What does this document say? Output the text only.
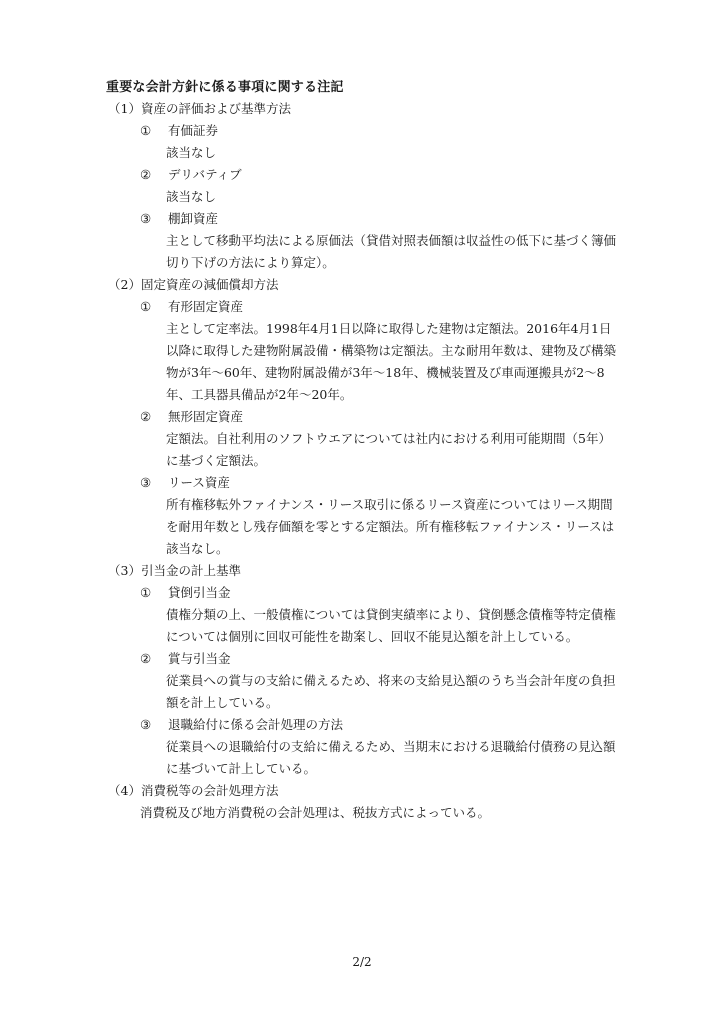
重要な会計方針に係る事項に関する注記
（1）資産の評価および基準方法
① 有価証券
該当なし
② デリバティブ
該当なし
③ 棚卸資産
主として移動平均法による原価法（貸借対照表価額は収益性の低下に基づく簿価切り下げの方法により算定）。
（2）固定資産の減価償却方法
① 有形固定資産
主として定率法。1998年4月1日以降に取得した建物は定額法。2016年4月1日以降に取得した建物附属設備・構築物は定額法。主な耐用年数は、建物及び構築物が3年〜60年、建物附属設備が3年〜18年、機械装置及び車両運搬具が2〜8年、工具器具備品が2年〜20年。
② 無形固定資産
定額法。自社利用のソフトウエアについては社内における利用可能期間（5年）に基づく定額法。
③ リース資産
所有権移転外ファイナンス・リース取引に係るリース資産についてはリース期間を耐用年数とし残存価額を零とする定額法。所有権移転ファイナンス・リースは該当なし。
（3）引当金の計上基準
① 貸倒引当金
債権分類の上、一般債権については貸倒実績率により、貸倒懸念債権等特定債権については個別に回収可能性を勘案し、回収不能見込額を計上している。
② 賞与引当金
従業員への賞与の支給に備えるため、将来の支給見込額のうち当会計年度の負担額を計上している。
③ 退職給付に係る会計処理の方法
従業員への退職給付の支給に備えるため、当期末における退職給付債務の見込額に基づいて計上している。
（4）消費税等の会計処理方法
消費税及び地方消費税の会計処理は、税抜方式によっている。
2/2
